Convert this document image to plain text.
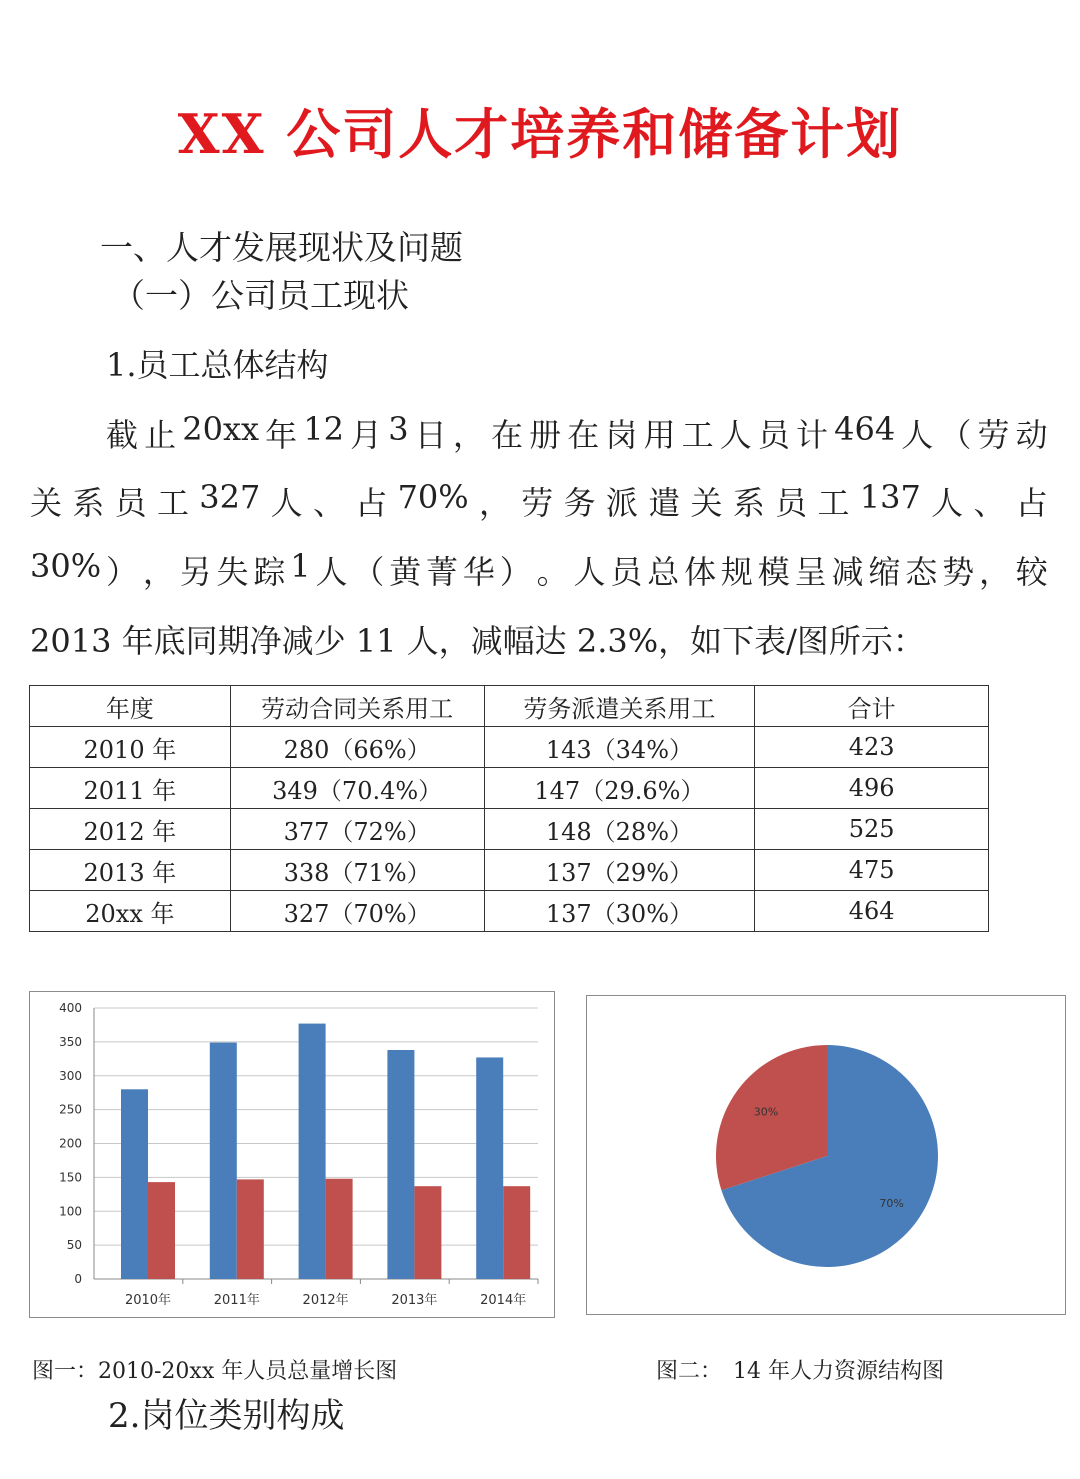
XX 公司人才培养和储备计划
一、人才发展现状及问题
（一）公司员工现状
1.员工总体结构
截 止 20xx 年 12 月 3 日 ， 在 册 在 岗 用 工 人 员 计 464 人 （ 劳 动
关 系 员 工 327 人 、 占 70% ， 劳 务 派 遣 关 系 员 工 137 人 、 占
30% ） ， 另 失 踪 1 人 （ 黄 菁 华 ） 。 人 员 总 体 规 模 呈 减 缩 态 势 ， 较
2013 年底同期净减少 11 人，减幅达 2.3%，如下表/图所示：
年度	劳动合同关系用工	劳务派遣关系用工	合计
2010 年	280（66%）	143（34%）	423
2011 年	349（70.4%）	147（29.6%）	496
2012 年	377（72%）	148（28%）	525
2013 年	338（71%）	137（29%）	475
20xx 年	327（70%）	137（30%）	464
0
50
100
150
200
250
300
350
400
2010年	2011年	2012年	2013年	2014年
70%
30%
图一：2010-20xx 年人员总量增长图	图二：　14 年人力资源结构图
2.岗位类别构成
